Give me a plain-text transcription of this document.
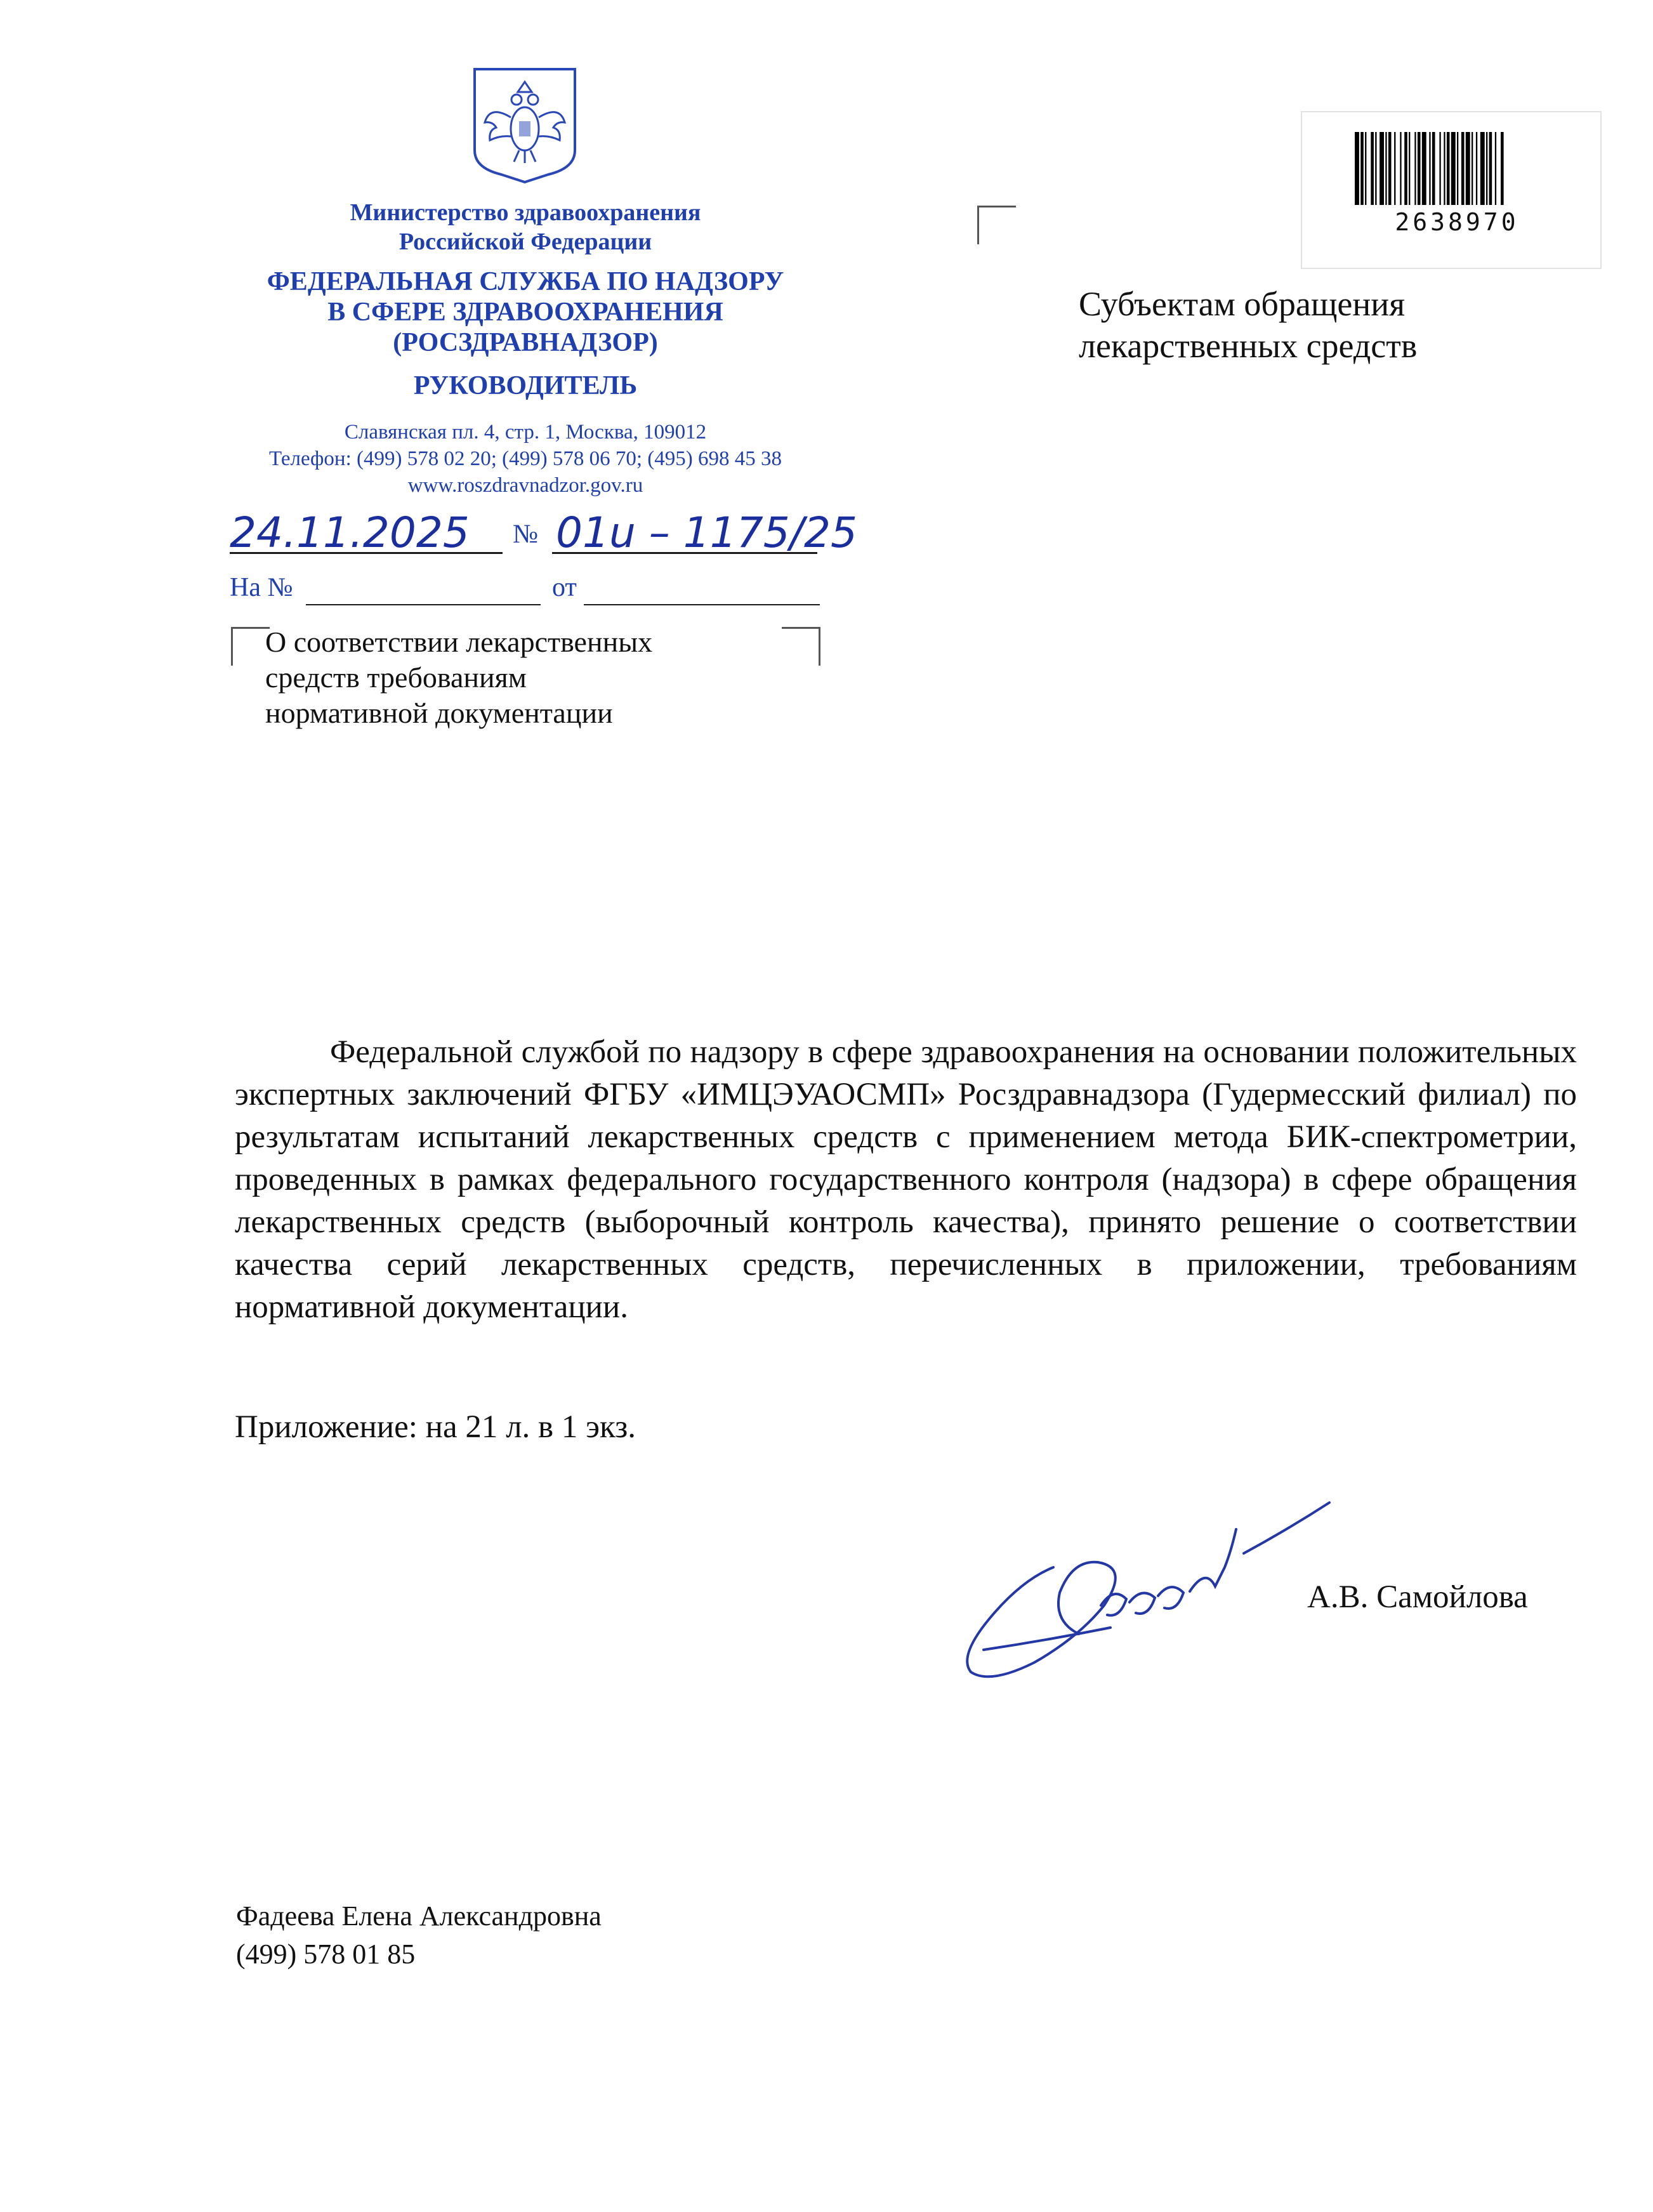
Министерство здравоохранения
Российской Федерации
ФЕДЕРАЛЬНАЯ СЛУЖБА ПО НАДЗОРУ
В СФЕРЕ ЗДРАВООХРАНЕНИЯ
(РОСЗДРАВНАДЗОР)
РУКОВОДИТЕЛЬ
Славянская пл. 4, стр. 1, Москва, 109012
Телефон: (499) 578 02 20; (499) 578 06 70; (495) 698 45 38
www.roszdravnadzor.gov.ru
24.11.2025 № 01u – 1175/25
На №	от
О соответствии лекарственных
средств требованиям
нормативной документации
Субъектам обращения
лекарственных средств
2638970

Федеральной службой по надзору в сфере здравоохранения на основании положительных экспертных заключений ФГБУ «ИМЦЭУАОСМП» Росздравнадзора (Гудермесский филиал) по результатам испытаний лекарственных средств с применением метода БИК-спектрометрии, проведенных в рамках федерального государственного контроля (надзора) в сфере обращения лекарственных средств (выборочный контроль качества), принято решение о соответствии качества серий лекарственных средств, перечисленных в приложении, требованиям нормативной документации.

Приложение: на 21 л. в 1 экз.
А.В. Самойлова
Фадеева Елена Александровна
(499) 578 01 85
